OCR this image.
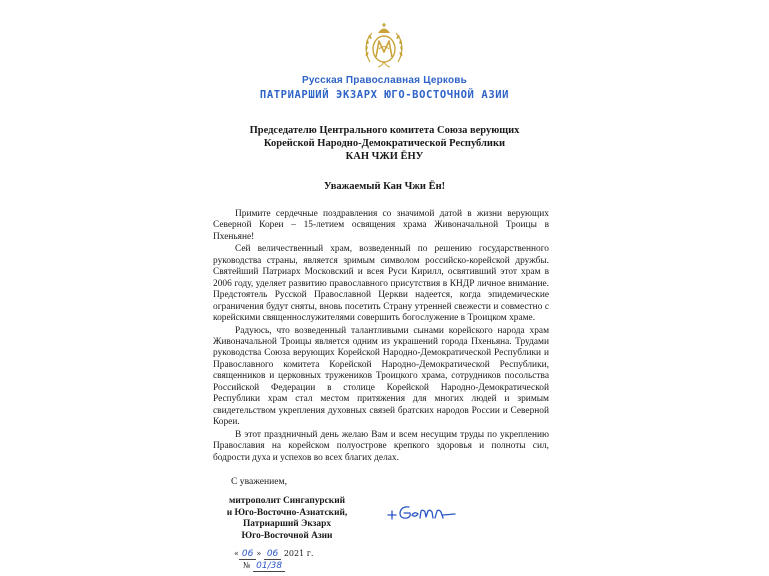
Русская Православная Церковь
ПАТРИАРШИЙ ЭКЗАРХ ЮГО-ВОСТОЧНОЙ АЗИИ
Председателю Центрального комитета Союза верующих
Корейской Народно-Демократической Республики
КАН ЧЖИ ЁНУ
Уважаемый Кан Чжи Ён!

Примите сердечные поздравления со значимой датой в жизни верующих Северной Кореи – 15-летием освящения храма Живоначальной Троицы в Пхеньяне!

Сей величественный храм, возведенный по решению государственного руководства страны, является зримым символом российско-корейской дружбы. Святейший Патриарх Московский и всея Руси Кирилл, освятивший этот храм в 2006 году, уделяет развитию православного присутствия в КНДР личное внимание. Предстоятель Русской Православной Церкви надеется, когда эпидемические ограничения будут сняты, вновь посетить Страну утренней свежести и совместно с корейскими священнослужителями совершить богослужение в Троицком храме.

Радуюсь, что возведенный талантливыми сынами корейского народа храм Живоначальной Троицы является одним из украшений города Пхеньяна. Трудами руководства Союза верующих Корейской Народно-Демократической Республики и Православного комитета Корейской Народно-Демократической Республики, священников и церковных тружеников Троицкого храма, сотрудников посольства Российской Федерации в столице Корейской Народно-Демократической Республики храм стал местом притяжения для многих людей и зримым свидетельством укрепления духовных связей братских народов России и Северной Кореи.

В этот праздничный день желаю Вам и всем несущим труды по укреплению Православия на корейском полуострове крепкого здоровья и полноты сил, бодрости духа и успехов во всех благих делах.

С уважением,
митрополит Сингапурский
и Юго-Восточно-Азиатский,
Патриарший Экзарх
Юго-Восточной Азии
« 06 » 06 2021 г.
№ 01/38
